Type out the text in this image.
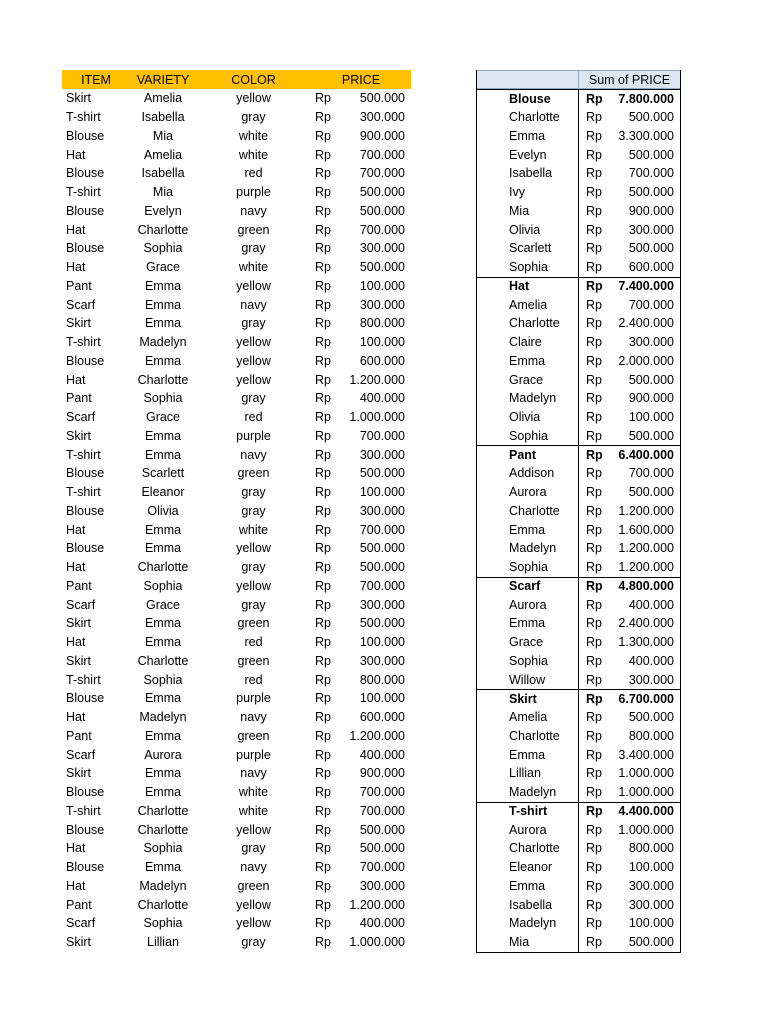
ITEM	VARIETY	COLOR	PRICE
Skirt	Amelia	yellow	Rp	500.000
T-shirt	Isabella	gray	Rp	300.000
Blouse	Mia	white	Rp	900.000
Hat	Amelia	white	Rp	700.000
Blouse	Isabella	red	Rp	700.000
T-shirt	Mia	purple	Rp	500.000
Blouse	Evelyn	navy	Rp	500.000
Hat	Charlotte	green	Rp	700.000
Blouse	Sophia	gray	Rp	300.000
Hat	Grace	white	Rp	500.000
Pant	Emma	yellow	Rp	100.000
Scarf	Emma	navy	Rp	300.000
Skirt	Emma	gray	Rp	800.000
T-shirt	Madelyn	yellow	Rp	100.000
Blouse	Emma	yellow	Rp	600.000
Hat	Charlotte	yellow	Rp	1.200.000
Pant	Sophia	gray	Rp	400.000
Scarf	Grace	red	Rp	1.000.000
Skirt	Emma	purple	Rp	700.000
T-shirt	Emma	navy	Rp	300.000
Blouse	Scarlett	green	Rp	500.000
T-shirt	Eleanor	gray	Rp	100.000
Blouse	Olivia	gray	Rp	300.000
Hat	Emma	white	Rp	700.000
Blouse	Emma	yellow	Rp	500.000
Hat	Charlotte	gray	Rp	500.000
Pant	Sophia	yellow	Rp	700.000
Scarf	Grace	gray	Rp	300.000
Skirt	Emma	green	Rp	500.000
Hat	Emma	red	Rp	100.000
Skirt	Charlotte	green	Rp	300.000
T-shirt	Sophia	red	Rp	800.000
Blouse	Emma	purple	Rp	100.000
Hat	Madelyn	navy	Rp	600.000
Pant	Emma	green	Rp	1.200.000
Scarf	Aurora	purple	Rp	400.000
Skirt	Emma	navy	Rp	900.000
Blouse	Emma	white	Rp	700.000
T-shirt	Charlotte	white	Rp	700.000
Blouse	Charlotte	yellow	Rp	500.000
Hat	Sophia	gray	Rp	500.000
Blouse	Emma	navy	Rp	700.000
Hat	Madelyn	green	Rp	300.000
Pant	Charlotte	yellow	Rp	1.200.000
Scarf	Sophia	yellow	Rp	400.000
Skirt	Lillian	gray	Rp	1.000.000
Sum of PRICE
Blouse	Rp	7.800.000
Charlotte	Rp	500.000
Emma	Rp	3.300.000
Evelyn	Rp	500.000
Isabella	Rp	700.000
Ivy	Rp	500.000
Mia	Rp	900.000
Olivia	Rp	300.000
Scarlett	Rp	500.000
Sophia	Rp	600.000
Hat	Rp	7.400.000
Amelia	Rp	700.000
Charlotte	Rp	2.400.000
Claire	Rp	300.000
Emma	Rp	2.000.000
Grace	Rp	500.000
Madelyn	Rp	900.000
Olivia	Rp	100.000
Sophia	Rp	500.000
Pant	Rp	6.400.000
Addison	Rp	700.000
Aurora	Rp	500.000
Charlotte	Rp	1.200.000
Emma	Rp	1.600.000
Madelyn	Rp	1.200.000
Sophia	Rp	1.200.000
Scarf	Rp	4.800.000
Aurora	Rp	400.000
Emma	Rp	2.400.000
Grace	Rp	1.300.000
Sophia	Rp	400.000
Willow	Rp	300.000
Skirt	Rp	6.700.000
Amelia	Rp	500.000
Charlotte	Rp	800.000
Emma	Rp	3.400.000
Lillian	Rp	1.000.000
Madelyn	Rp	1.000.000
T-shirt	Rp	4.400.000
Aurora	Rp	1.000.000
Charlotte	Rp	800.000
Eleanor	Rp	100.000
Emma	Rp	300.000
Isabella	Rp	300.000
Madelyn	Rp	100.000
Mia	Rp	500.000
